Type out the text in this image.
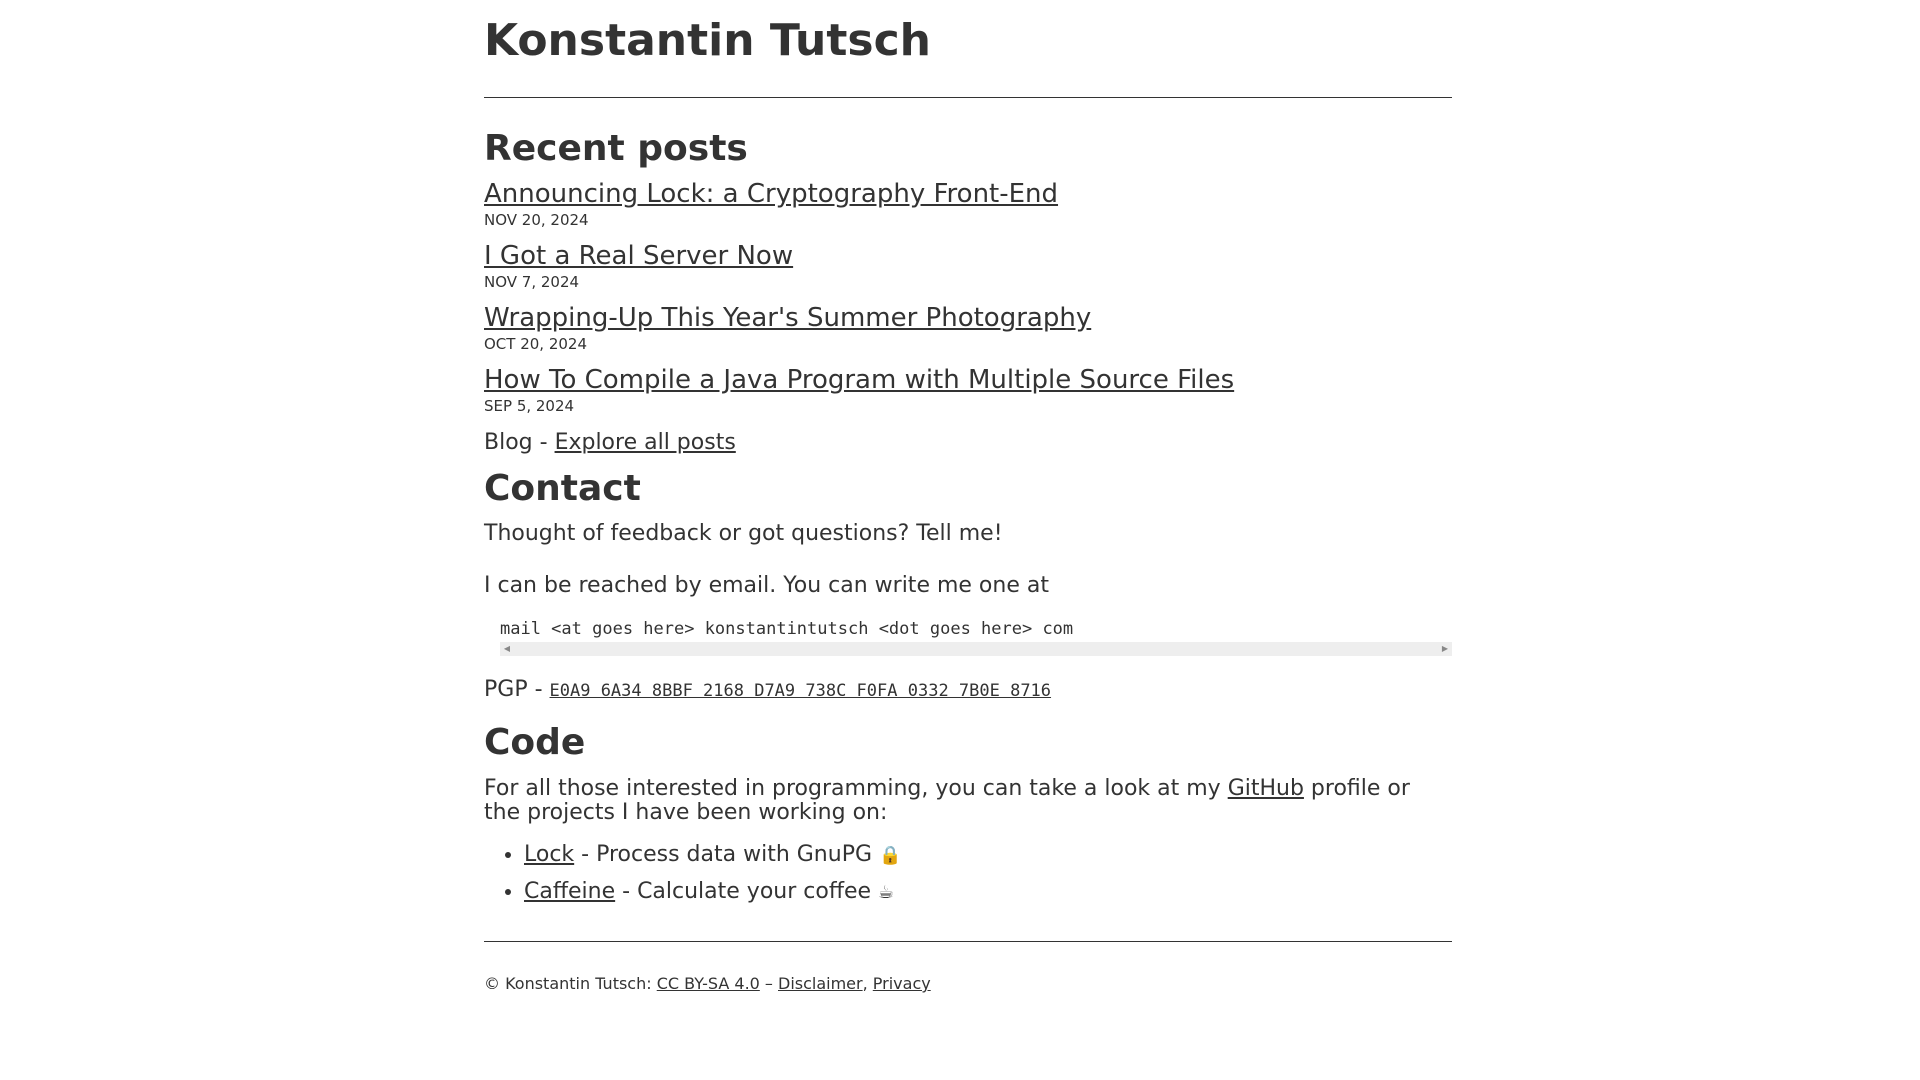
Konstantin Tutsch
Recent posts
Announcing Lock: a Cryptography Front-End
NOV 20, 2024
I Got a Real Server Now
NOV 7, 2024
Wrapping-Up This Year's Summer Photography
OCT 20, 2024
How To Compile a Java Program with Multiple Source Files
SEP 5, 2024

Blog - Explore all posts

Contact

Thought of feedback or got questions? Tell me!

I can be reached by email. You can write me one at

mail <at goes here> konstantintutsch <dot goes here> com
◀	▶

PGP - E0A9 6A34 8BBF 2168 D7A9 738C F0FA 0332 7B0E 8716

Code

For all those interested in programming, you can take a look at my GitHub profile or the projects I have been working on:

• Lock - Process data with GnuPG 🔒
• Caffeine - Calculate your coffee ☕
© Konstantin Tutsch: CC BY-SA 4.0 – Disclaimer, Privacy
